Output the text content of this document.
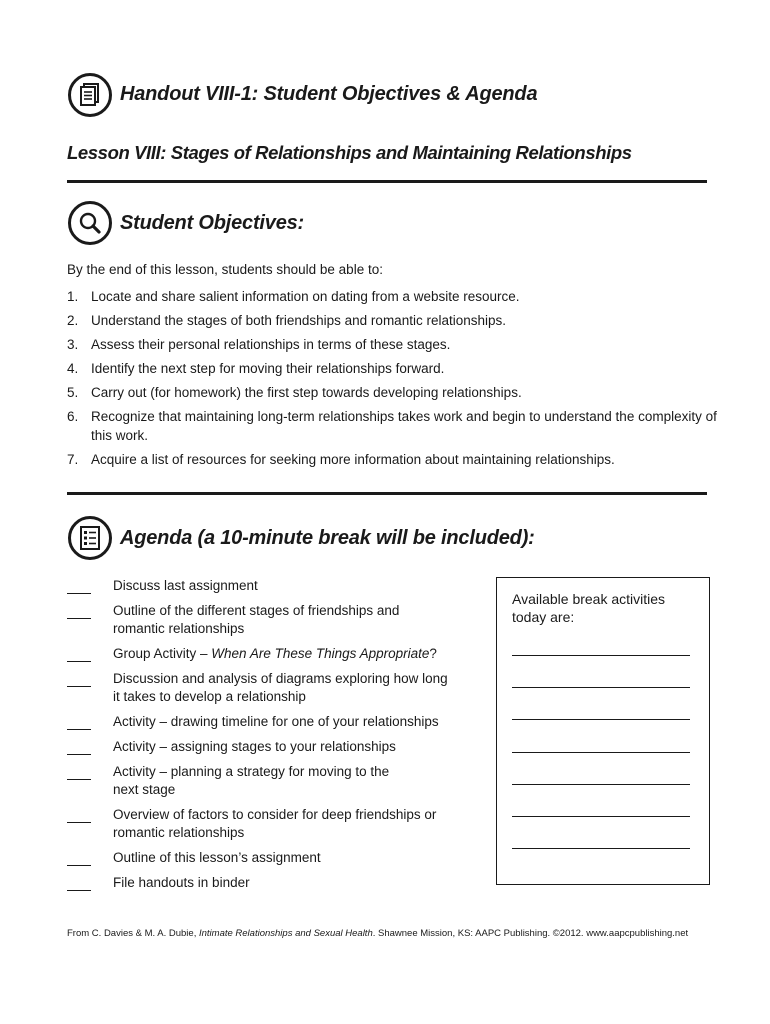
Handout VIII-1: Student Objectives & Agenda
Lesson VIII: Stages of Relationships and Maintaining Relationships
Student Objectives:
By the end of this lesson, students should be able to:
1. Locate and share salient information on dating from a website resource.
2. Understand the stages of both friendships and romantic relationships.
3. Assess their personal relationships in terms of these stages.
4. Identify the next step for moving their relationships forward.
5. Carry out (for homework) the first step towards developing relationships.
6. Recognize that maintaining long-term relationships takes work and begin to understand the complexity of this work.
7. Acquire a list of resources for seeking more information about maintaining relationships.
Agenda (a 10-minute break will be included):
Discuss last assignment
Outline of the different stages of friendships and romantic relationships
Group Activity – When Are These Things Appropriate?
Discussion and analysis of diagrams exploring how long it takes to develop a relationship
Activity – drawing timeline for one of your relationships
Activity – assigning stages to your relationships
Activity – planning a strategy for moving to the next stage
Overview of factors to consider for deep friendships or romantic relationships
Outline of this lesson’s assignment
File handouts in binder
Available break activities today are:
From C. Davies & M. A. Dubie, Intimate Relationships and Sexual Health. Shawnee Mission, KS: AAPC Publishing. ©2012. www.aapcpublishing.net
